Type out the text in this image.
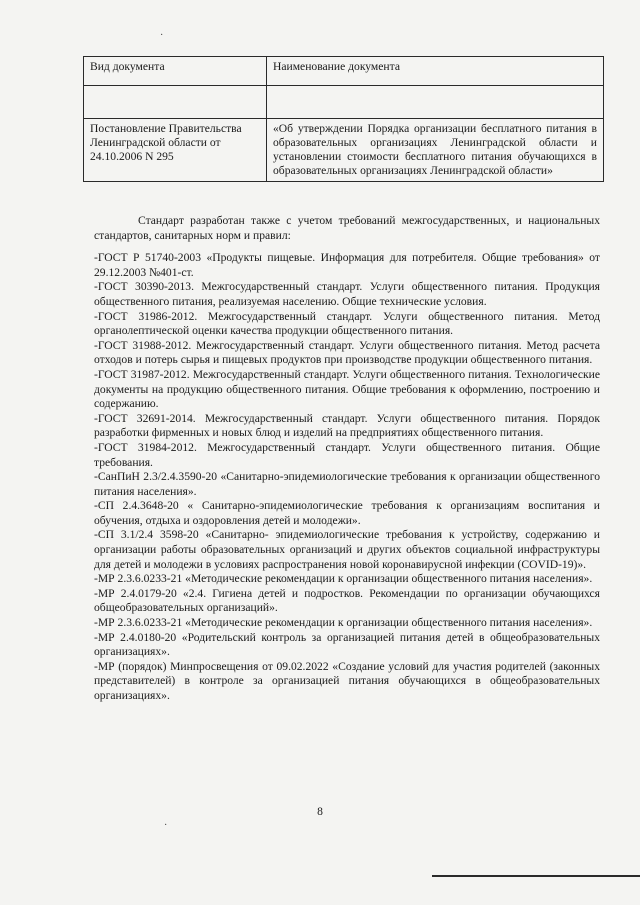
·
Вид документа	Наименование документа

Постановление Правительства Ленинградской области от 24.10.2006 N 295	«Об утверждении Порядка организации бесплатного питания в образовательных организациях Ленинградской области и установлении стоимости бесплатного питания обучающихся в образовательных организациях Ленинградской области»

Стандарт разработан также с учетом требований межгосударственных, и национальных стандартов, санитарных норм и правил:

-ГОСТ Р 51740-2003 «Продукты пищевые. Информация для потребителя. Общие требования» от 29.12.2003 №401-ст.

-ГОСТ 30390-2013. Межгосударственный стандарт. Услуги общественного питания. Продукция общественного питания, реализуемая населению. Общие технические условия.

-ГОСТ 31986-2012. Межгосударственный стандарт. Услуги общественного питания. Метод органолептической оценки качества продукции общественного питания.

-ГОСТ 31988-2012. Межгосударственный стандарт. Услуги общественного питания. Метод расчета отходов и потерь сырья и пищевых продуктов при производстве продукции общественного питания.

-ГОСТ 31987-2012. Межгосударственный стандарт. Услуги общественного питания. Технологические документы на продукцию общественного питания. Общие требования к оформлению, построению и содержанию.

-ГОСТ 32691-2014. Межгосударственный стандарт. Услуги общественного питания. Порядок разработки фирменных и новых блюд и изделий на предприятиях общественного питания.

-ГОСТ 31984-2012. Межгосударственный стандарт. Услуги общественного питания. Общие требования.

-СанПиН 2.3/2.4.3590-20 «Санитарно-эпидемиологические требования к организации общественного питания населения».

-СП 2.4.3648-20 « Санитарно-эпидемиологические требования к организациям воспитания и обучения, отдыха и оздоровления детей и молодежи».

-СП 3.1/2.4 3598-20 «Санитарно- эпидемиологические требования к устройству, содержанию и организации работы образовательных организаций и других объектов социальной инфраструктуры для детей и молодежи в условиях распространения новой коронавирусной инфекции (COVID-19)».

-МР 2.3.6.0233-21 «Методические рекомендации к организации общественного питания населения».

-МР 2.4.0179-20 «2.4. Гигиена детей и подростков. Рекомендации по организации обучающихся общеобразовательных организаций».

-МР 2.3.6.0233-21 «Методические рекомендации к организации общественного питания населения».

-МР 2.4.0180-20 «Родительский контроль за организацией питания детей в общеобразовательных организациях».

-МР (порядок) Минпросвещения от 09.02.2022 «Создание условий для участия родителей (законных представителей) в контроле за организацией питания обучающихся в общеобразовательных организациях».

8
·
